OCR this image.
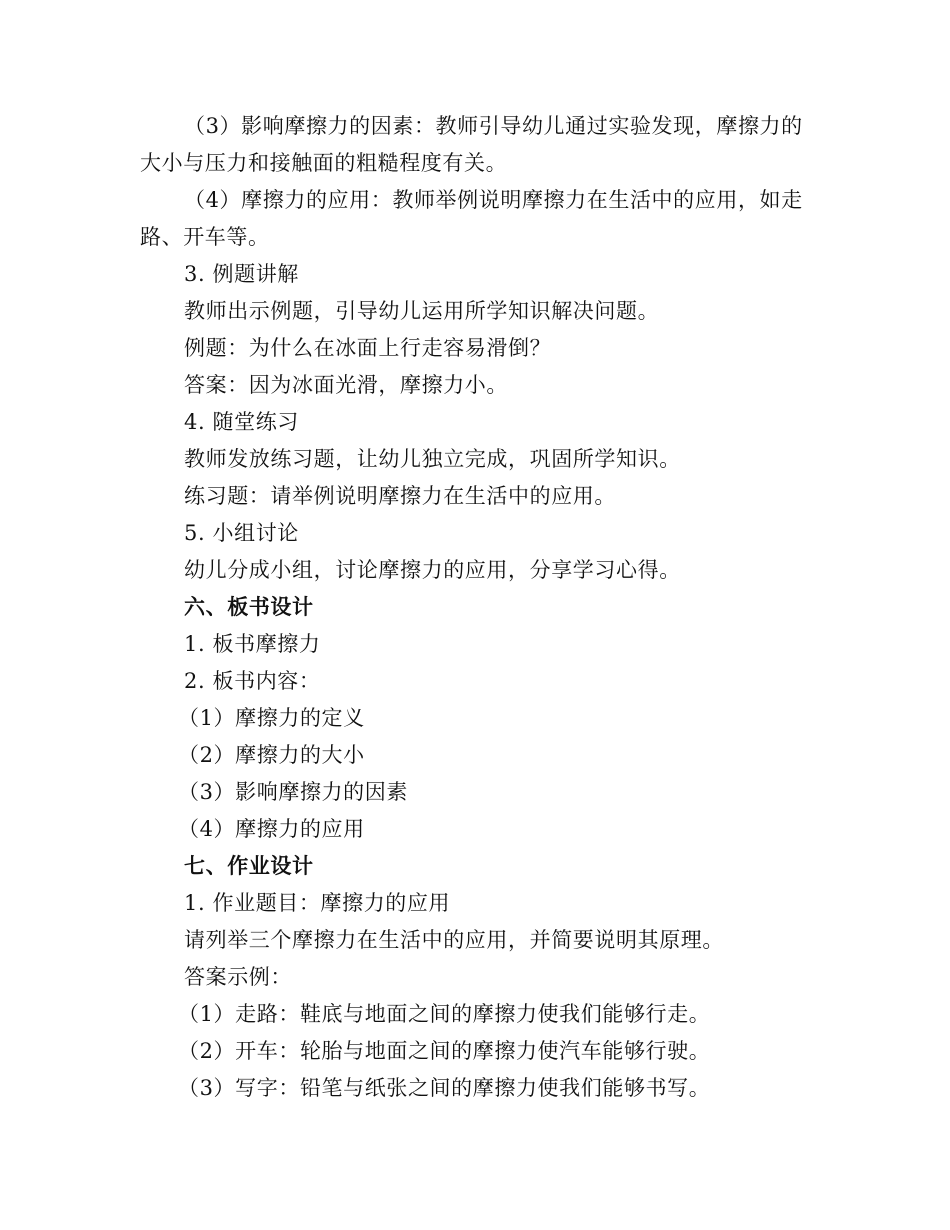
（3）影响摩擦力的因素：教师引导幼儿通过实验发现，摩擦力的
大小与压力和接触面的粗糙程度有关。
（4）摩擦力的应用：教师举例说明摩擦力在生活中的应用，如走
路、开车等。
3. 例题讲解
教师出示例题，引导幼儿运用所学知识解决问题。
例题：为什么在冰面上行走容易滑倒？
答案：因为冰面光滑，摩擦力小。
4. 随堂练习
教师发放练习题，让幼儿独立完成，巩固所学知识。
练习题：请举例说明摩擦力在生活中的应用。
5. 小组讨论
幼儿分成小组，讨论摩擦力的应用，分享学习心得。
六、板书设计
1. 板书摩擦力
2. 板书内容：
（1）摩擦力的定义
（2）摩擦力的大小
（3）影响摩擦力的因素
（4）摩擦力的应用
七、作业设计
1. 作业题目：摩擦力的应用
请列举三个摩擦力在生活中的应用，并简要说明其原理。
答案示例：
（1）走路：鞋底与地面之间的摩擦力使我们能够行走。
（2）开车：轮胎与地面之间的摩擦力使汽车能够行驶。
（3）写字：铅笔与纸张之间的摩擦力使我们能够书写。
